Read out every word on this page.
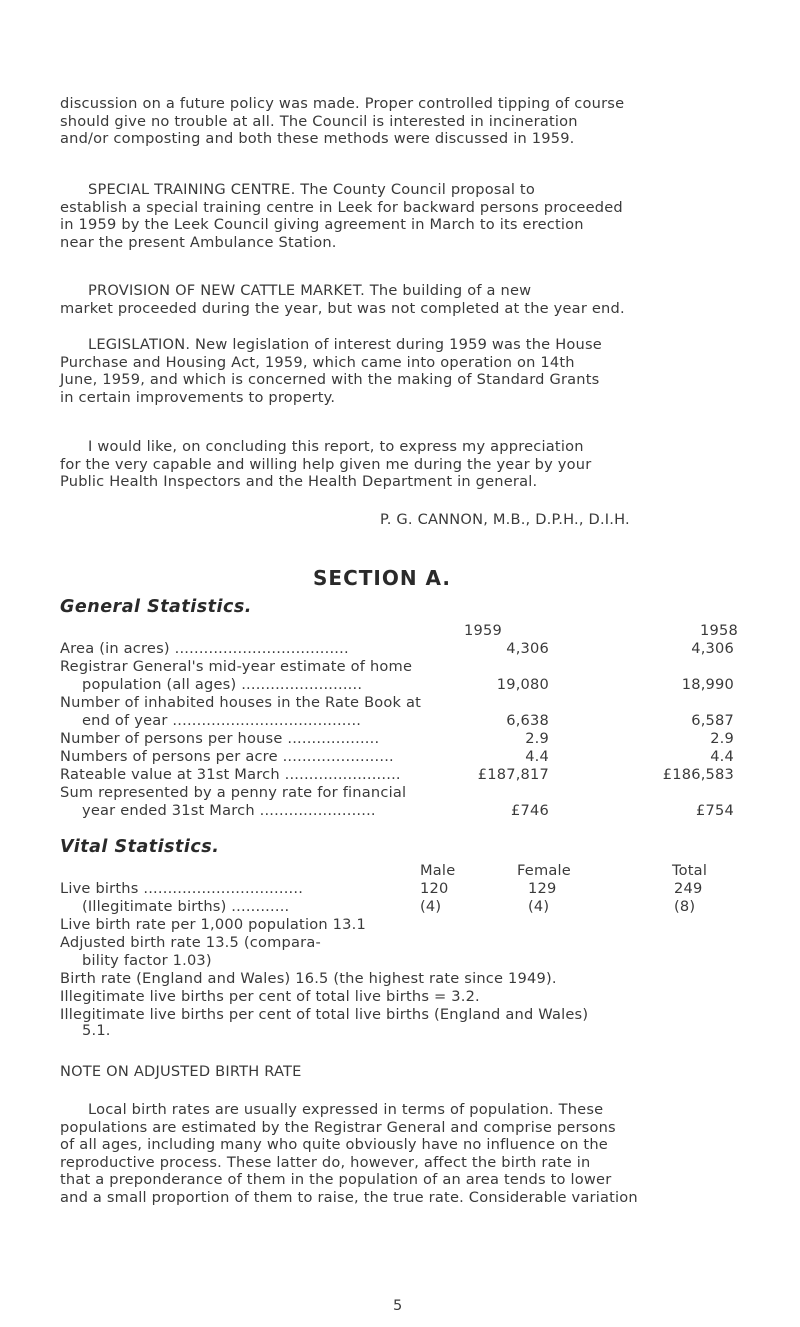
discussion on a future policy was made. Proper controlled tipping of course

should give no trouble at all. The Council is interested in incineration

and/or composting and both these methods were discussed in 1959.

SPECIAL TRAINING CENTRE. The County Council proposal to

establish a special training centre in Leek for backward persons proceeded

in 1959 by the Leek Council giving agreement in March to its erection

near the present Ambulance Station.

PROVISION OF NEW CATTLE MARKET. The building of a new

market proceeded during the year, but was not completed at the year end.

LEGISLATION. New legislation of interest during 1959 was the House

Purchase and Housing Act, 1959, which came into operation on 14th

June, 1959, and which is concerned with the making of Standard Grants

in certain improvements to property.

I would like, on concluding this report, to express my appreciation

for the very capable and willing help given me during the year by your

Public Health Inspectors and the Health Department in general.

P. G. CANNON, M.B., D.P.H., D.I.H.
SECTION A.
General Statistics.
1959	1958
Area (in acres) ....................................	4,306	4,306
Registrar General's mid-year estimate of home
population (all ages) .........................	19,080	18,990
Number of inhabited houses in the Rate Book at
end of year .......................................	6,638	6,587
Number of persons per house ...................	2.9	2.9
Numbers of persons per acre .......................	4.4	4.4
Rateable value at 31st March ........................	£187,817	£186,583
Sum represented by a penny rate for financial
year ended 31st March ........................	£746	£754
Vital Statistics.
Male	Female	Total
Live births .................................	120	129	249
(Illegitimate births) ............	(4)	(4)	(8)
Live birth rate per 1,000 population 13.1
Adjusted birth rate 13.5 (compara-
bility factor 1.03)
Birth rate (England and Wales) 16.5 (the highest rate since 1949).
Illegitimate live births per cent of total live births = 3.2.
Illegitimate live births per cent of total live births (England and Wales)
5.1.
NOTE ON ADJUSTED BIRTH RATE

Local birth rates are usually expressed in terms of population. These

populations are estimated by the Registrar General and comprise persons

of all ages, including many who quite obviously have no influence on the

reproductive process. These latter do, however, affect the birth rate in

that a preponderance of them in the population of an area tends to lower

and a small proportion of them to raise, the true rate. Considerable variation

5
